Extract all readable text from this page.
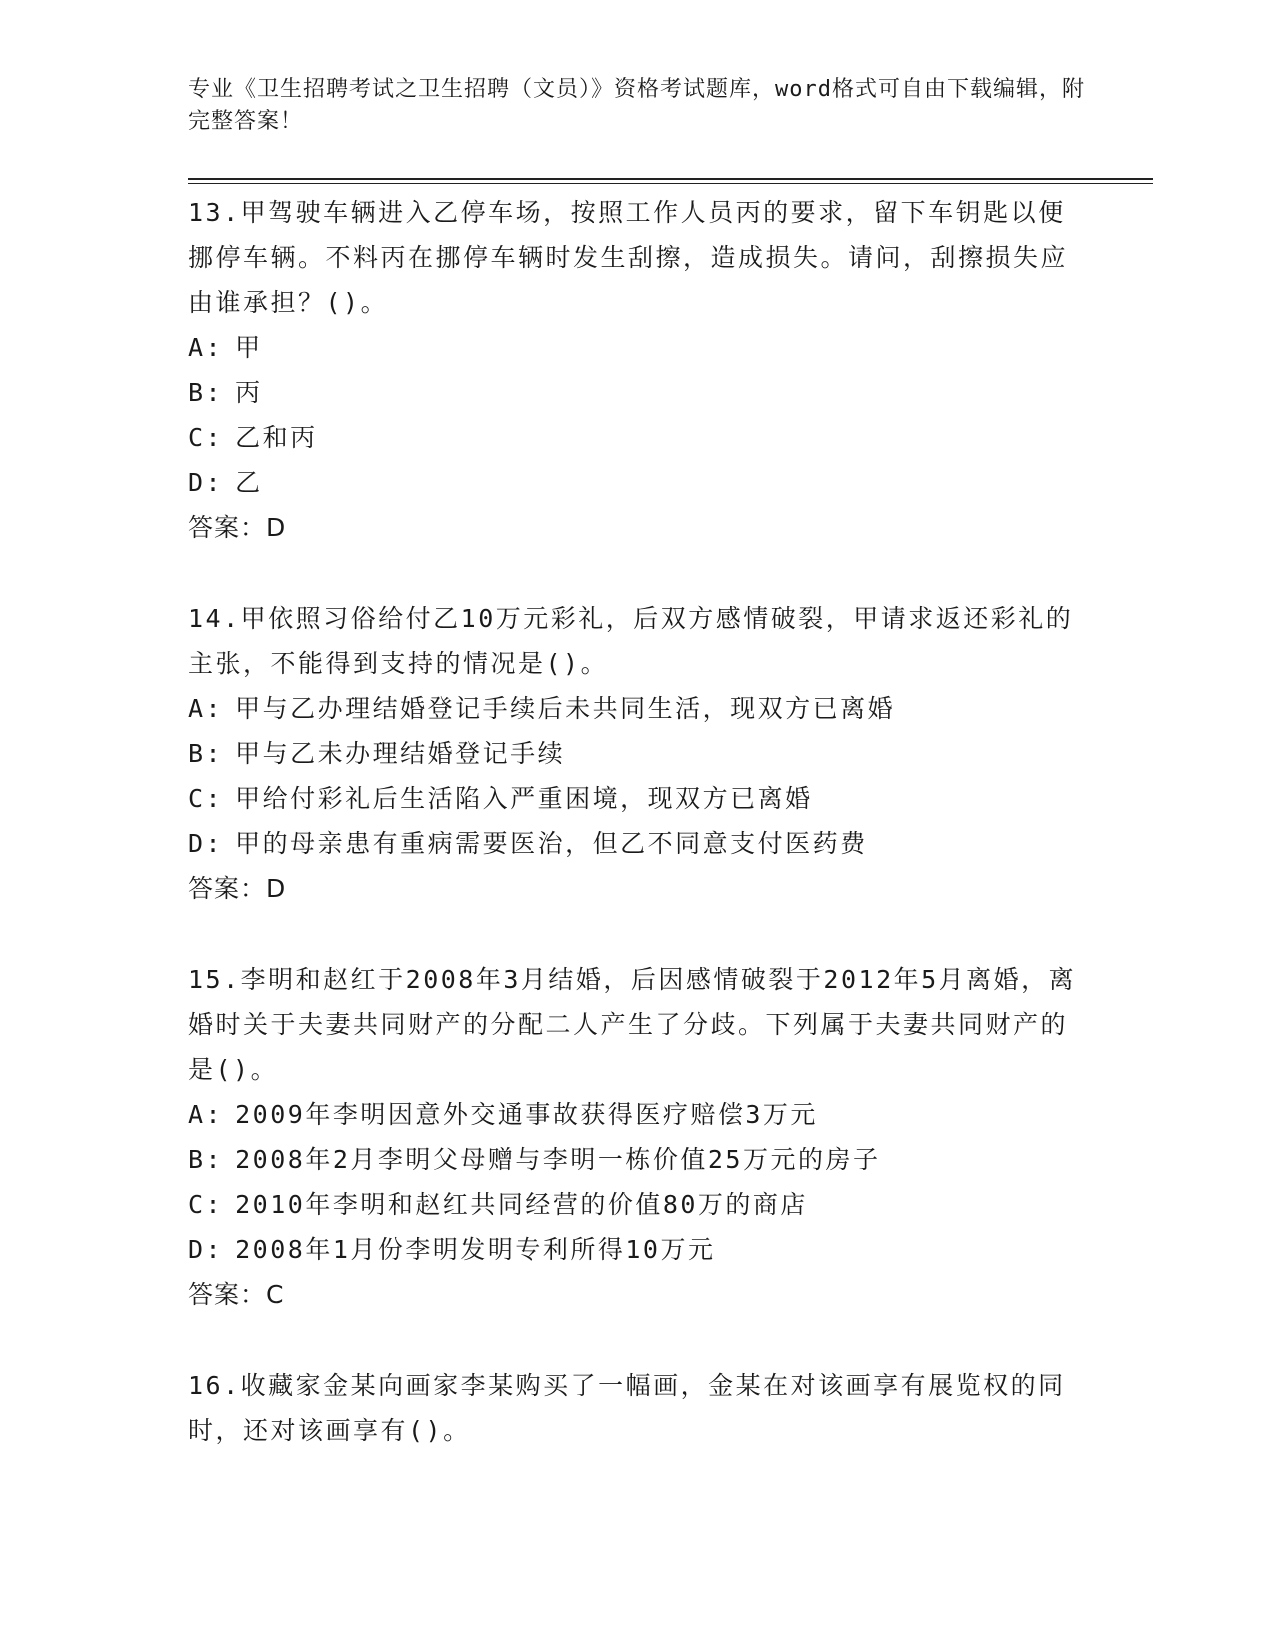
专业《卫生招聘考试之卫生招聘（文员）》资格考试题库，word格式可自由下载编辑，附完整答案！
13.甲驾驶车辆进入乙停车场，按照工作人员丙的要求，留下车钥匙以便挪停车辆。不料丙在挪停车辆时发生刮擦，造成损失。请问，刮擦损失应由谁承担？()。
A: 甲
B: 丙
C: 乙和丙
D: 乙
答案：D
14.甲依照习俗给付乙10万元彩礼，后双方感情破裂，甲请求返还彩礼的主张，不能得到支持的情况是()。
A: 甲与乙办理结婚登记手续后未共同生活，现双方已离婚
B: 甲与乙未办理结婚登记手续
C: 甲给付彩礼后生活陷入严重困境，现双方已离婚
D: 甲的母亲患有重病需要医治，但乙不同意支付医药费
答案：D
15.李明和赵红于2008年3月结婚，后因感情破裂于2012年5月离婚，离婚时关于夫妻共同财产的分配二人产生了分歧。下列属于夫妻共同财产的是()。
A: 2009年李明因意外交通事故获得医疗赔偿3万元
B: 2008年2月李明父母赠与李明一栋价值25万元的房子
C: 2010年李明和赵红共同经营的价值80万的商店
D: 2008年1月份李明发明专利所得10万元
答案：C
16.收藏家金某向画家李某购买了一幅画，金某在对该画享有展览权的同时，还对该画享有()。
